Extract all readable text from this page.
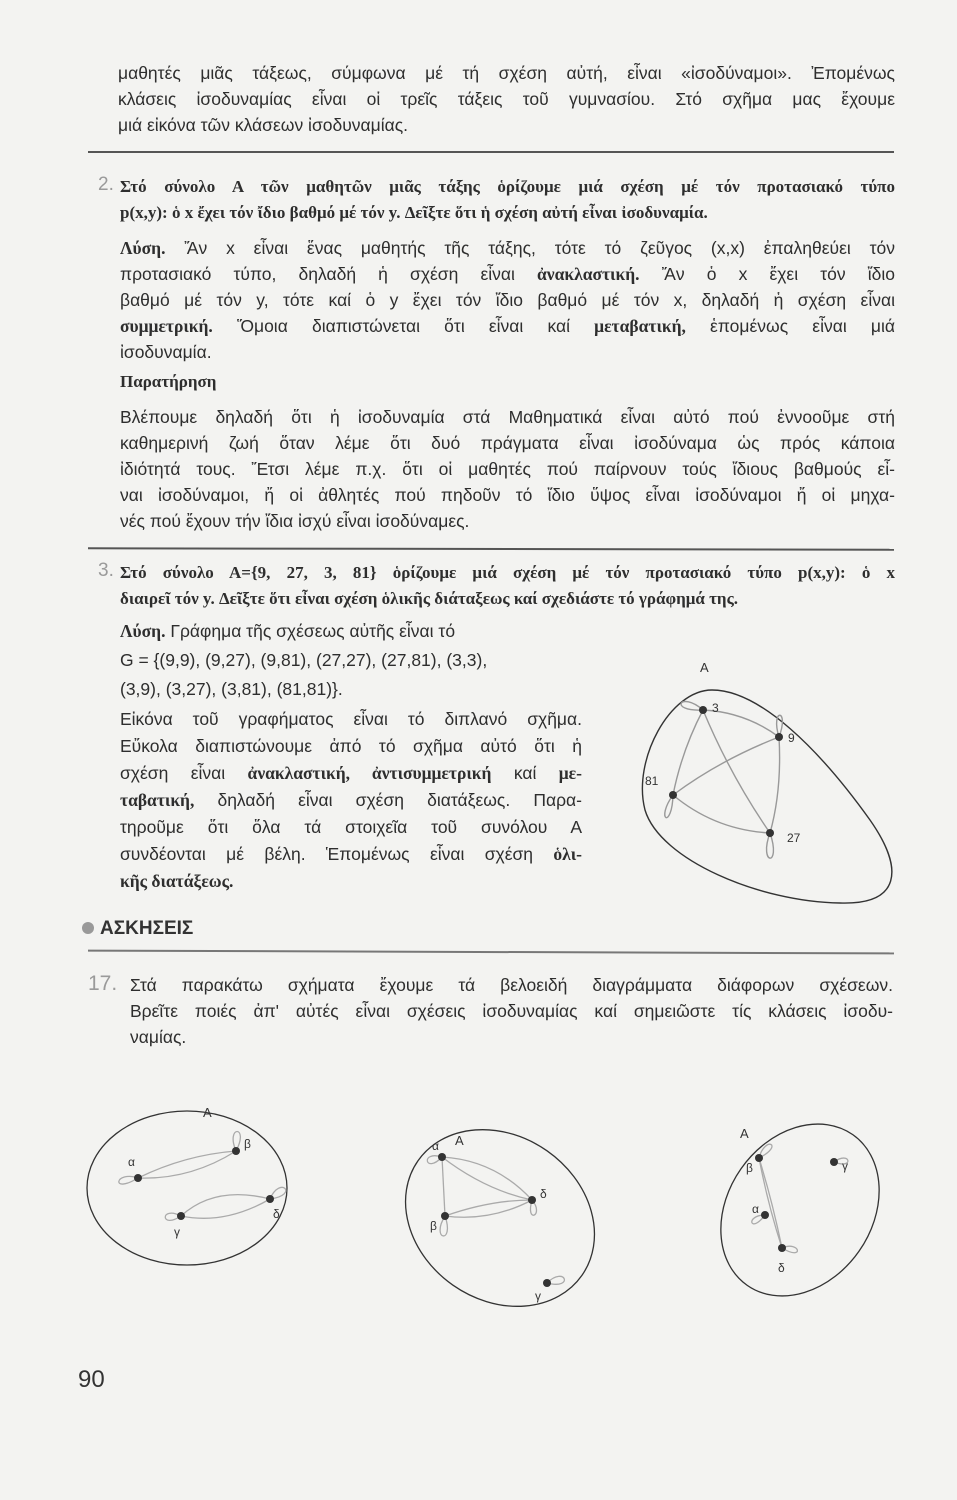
μαθητές μιᾶς τάξεως, σύμφωνα μέ τή σχέση αὐτή, εἶναι «ἰσοδύναμοι». Ἐπομένως
κλάσεις ἰσοδυναμίας εἶναι οἱ τρεῖς τάξεις τοῦ γυμνασίου. Στό σχῆμα μας ἔχουμε
μιά εἰκόνα τῶν κλάσεων ἰσοδυναμίας.
2. Στό σύνολο Α τῶν μαθητῶν μιᾶς τάξης ὁρίζουμε μιά σχέση μέ τόν προτασιακό τύπο
p(x,y): ὁ x ἔχει τόν ἴδιο βαθμό μέ τόν y. Δεῖξτε ὅτι ἡ σχέση αὐτή εἶναι ἰσοδυναμία.
Λύση. Ἄν x εἶναι ἕνας μαθητής τῆς τάξης, τότε τό ζεῦγος (x,x) ἐπαληθεύει τόν
προτασιακό τύπο, δηλαδή ἡ σχέση εἶναι ἀνακλαστική. Ἄν ὁ x ἔχει τόν ἴδιο
βαθμό μέ τόν y, τότε καί ὁ y ἔχει τόν ἴδιο βαθμό μέ τόν x, δηλαδή ἡ σχέση εἶναι
συμμετρική. Ὅμοια διαπιστώνεται ὅτι εἶναι καί μεταβατική, ἑπομένως εἶναι μιά
ἰσοδυναμία.
Παρατήρηση
Βλέπουμε δηλαδή ὅτι ἡ ἰσοδυναμία στά Μαθηματικά εἶναι αὐτό πού ἐννοοῦμε στή
καθημερινή ζωή ὅταν λέμε ὅτι δυό πράγματα εἶναι ἰσοδύναμα ὡς πρός κάποια
ἰδιότητά τους. Ἔτσι λέμε π.χ. ὅτι οἱ μαθητές πού παίρνουν τούς ἴδιους βαθμούς εἶ-
ναι ἰσοδύναμοι, ἤ οἱ ἀθλητές πού πηδοῦν τό ἴδιο ὕψος εἶναι ἰσοδύναμοι ἤ οἱ μηχα-
νές πού ἔχουν τήν ἴδια ἰσχύ εἶναι ἰσοδύναμες.
3. Στό σύνολο Α={9, 27, 3, 81} ὁρίζουμε μιά σχέση μέ τόν προτασιακό τύπο p(x,y): ὁ x
διαιρεῖ τόν y. Δεῖξτε ὅτι εἶναι σχέση ὁλικῆς διάταξεως καί σχεδιάστε τό γράφημά της.
Λύση. Γράφημα τῆς σχέσεως αὐτῆς εἶναι τό
G = {(9,9), (9,27), (9,81), (27,27), (27,81), (3,3),
(3,9), (3,27), (3,81), (81,81)}.
Εἰκόνα τοῦ γραφήματος εἶναι τό διπλανό σχῆμα.
Εὔκολα διαπιστώνουμε ἀπό τό σχῆμα αὐτό ὅτι ἡ
σχέση εἶναι ἀνακλαστική, ἀντισυμμετρική καί με-
ταβατική, δηλαδή εἶναι σχέση διατάξεως. Παρα-
τηροῦμε ὅτι ὅλα τά στοιχεῖα τοῦ συνόλου Α
συνδέονται μέ βέλη. Ἑπομένως εἶναι σχέση ὁλι-
κῆς διατάξεως.
ΑΣΚΗΣΕΙΣ
17. Στά παρακάτω σχήματα ἔχουμε τά βελοειδή διαγράμματα διάφορων σχέσεων.
Βρεῖτε ποιές ἀπ' αὐτές εἶναι σχέσεις ἰσοδυναμίας καί σημειῶστε τίς κλάσεις ἰσοδυ-
ναμίας.
90
A
3
9
81
27
A
α
β
γ
δ
A
α
δ
β
γ
A
β	γ
α
δ
